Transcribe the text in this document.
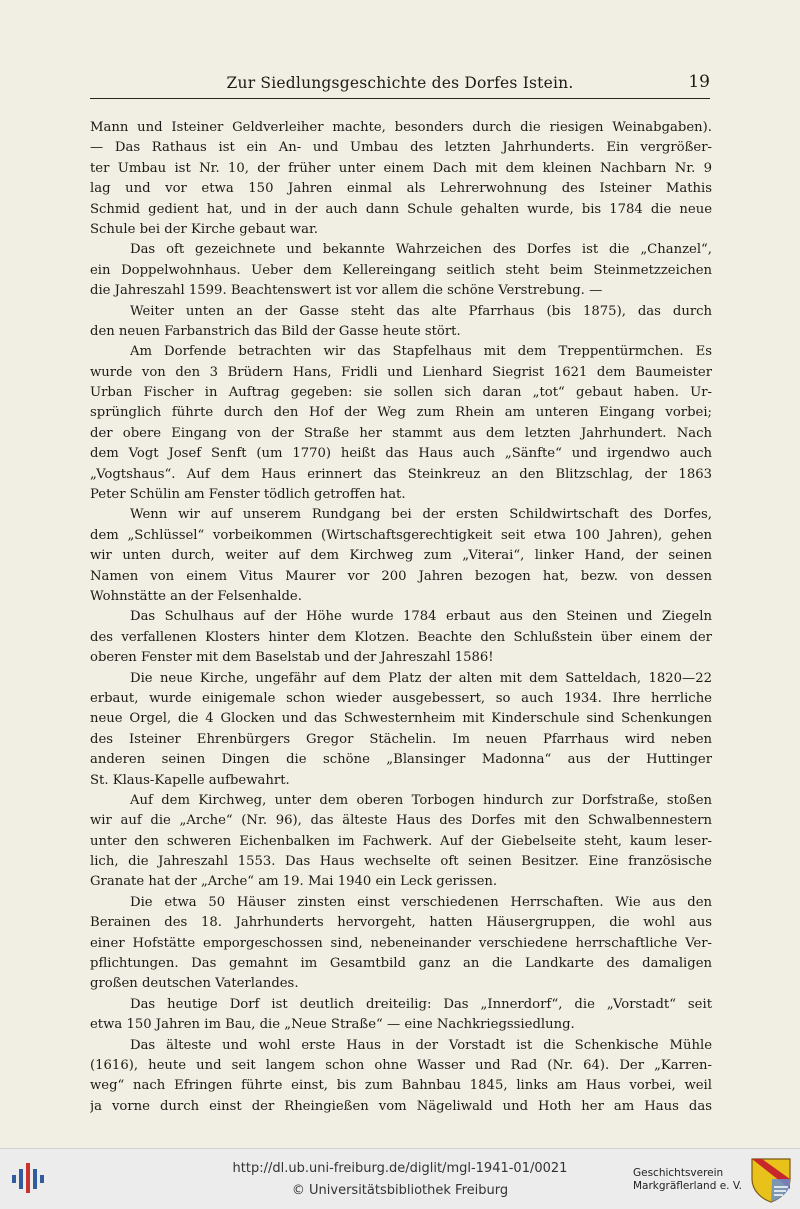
Zur Siedlungsgeschichte des Dorfes Istein.	19
Mann und Isteiner Geldverleiher machte, besonders durch die riesigen Weinabgaben).
— Das Rathaus ist ein An- und Umbau des letzten Jahrhunderts. Ein vergrößer-
ter Umbau ist Nr. 10, der früher unter einem Dach mit dem kleinen Nachbarn Nr. 9
lag und vor etwa 150 Jahren einmal als Lehrerwohnung des Isteiner Mathis
Schmid gedient hat, und in der auch dann Schule gehalten wurde, bis 1784 die neue
Schule bei der Kirche gebaut war.
Das oft gezeichnete und bekannte Wahrzeichen des Dorfes ist die „Chanzel“,
ein Doppelwohnhaus. Ueber dem Kellereingang seitlich steht beim Steinmetzzeichen
die Jahreszahl 1599. Beachtenswert ist vor allem die schöne Verstrebung. —
Weiter unten an der Gasse steht das alte Pfarrhaus (bis 1875), das durch
den neuen Farbanstrich das Bild der Gasse heute stört.
Am Dorfende betrachten wir das Stapfelhaus mit dem Treppentürmchen. Es
wurde von den 3 Brüdern Hans, Fridli und Lienhard Siegrist 1621 dem Baumeister
Urban Fischer in Auftrag gegeben: sie sollen sich daran „tot“ gebaut haben. Ur-
sprünglich führte durch den Hof der Weg zum Rhein am unteren Eingang vorbei;
der obere Eingang von der Straße her stammt aus dem letzten Jahrhundert. Nach
dem Vogt Josef Senft (um 1770) heißt das Haus auch „Sänfte“ und irgendwo auch
„Vogtshaus“. Auf dem Haus erinnert das Steinkreuz an den Blitzschlag, der 1863
Peter Schülin am Fenster tödlich getroffen hat.
Wenn wir auf unserem Rundgang bei der ersten Schildwirtschaft des Dorfes,
dem „Schlüssel“ vorbeikommen (Wirtschaftsgerechtigkeit seit etwa 100 Jahren), gehen
wir unten durch, weiter auf dem Kirchweg zum „Viterai“, linker Hand, der seinen
Namen von einem Vitus Maurer vor 200 Jahren bezogen hat, bezw. von dessen
Wohnstätte an der Felsenhalde.
Das Schulhaus auf der Höhe wurde 1784 erbaut aus den Steinen und Ziegeln
des verfallenen Klosters hinter dem Klotzen. Beachte den Schlußstein über einem der
oberen Fenster mit dem Baselstab und der Jahreszahl 1586!
Die neue Kirche, ungefähr auf dem Platz der alten mit dem Satteldach, 1820—22
erbaut, wurde einigemale schon wieder ausgebessert, so auch 1934. Ihre herrliche
neue Orgel, die 4 Glocken und das Schwesternheim mit Kinderschule sind Schenkungen
des Isteiner Ehrenbürgers Gregor Stächelin. Im neuen Pfarrhaus wird neben
anderen seinen Dingen die schöne „Blansinger Madonna“ aus der Huttinger
St. Klaus-Kapelle aufbewahrt.
Auf dem Kirchweg, unter dem oberen Torbogen hindurch zur Dorfstraße, stoßen
wir auf die „Arche“ (Nr. 96), das älteste Haus des Dorfes mit den Schwalbennestern
unter den schweren Eichenbalken im Fachwerk. Auf der Giebelseite steht, kaum leser-
lich, die Jahreszahl 1553. Das Haus wechselte oft seinen Besitzer. Eine französische
Granate hat der „Arche“ am 19. Mai 1940 ein Leck gerissen.
Die etwa 50 Häuser zinsten einst verschiedenen Herrschaften. Wie aus den
Berainen des 18. Jahrhunderts hervorgeht, hatten Häusergruppen, die wohl aus
einer Hofstätte emporgeschossen sind, nebeneinander verschiedene herrschaftliche Ver-
pflichtungen. Das gemahnt im Gesamtbild ganz an die Landkarte des damaligen
großen deutschen Vaterlandes.
Das heutige Dorf ist deutlich dreiteilig: Das „Innerdorf“, die „Vorstadt“ seit
etwa 150 Jahren im Bau, die „Neue Straße“ — eine Nachkriegssiedlung.
Das älteste und wohl erste Haus in der Vorstadt ist die Schenkische Mühle
(1616), heute und seit langem schon ohne Wasser und Rad (Nr. 64). Der „Karren-
weg“ nach Efringen führte einst, bis zum Bahnbau 1845, links am Haus vorbei, weil
ja vorne durch einst der Rheingießen vom Nägeliwald und Hoth her am Haus das
http://dl.ub.uni-freiburg.de/diglit/mgl-1941-01/0021
© Universitätsbibliothek Freiburg
Geschichtsverein
Markgräflerland e. V.
